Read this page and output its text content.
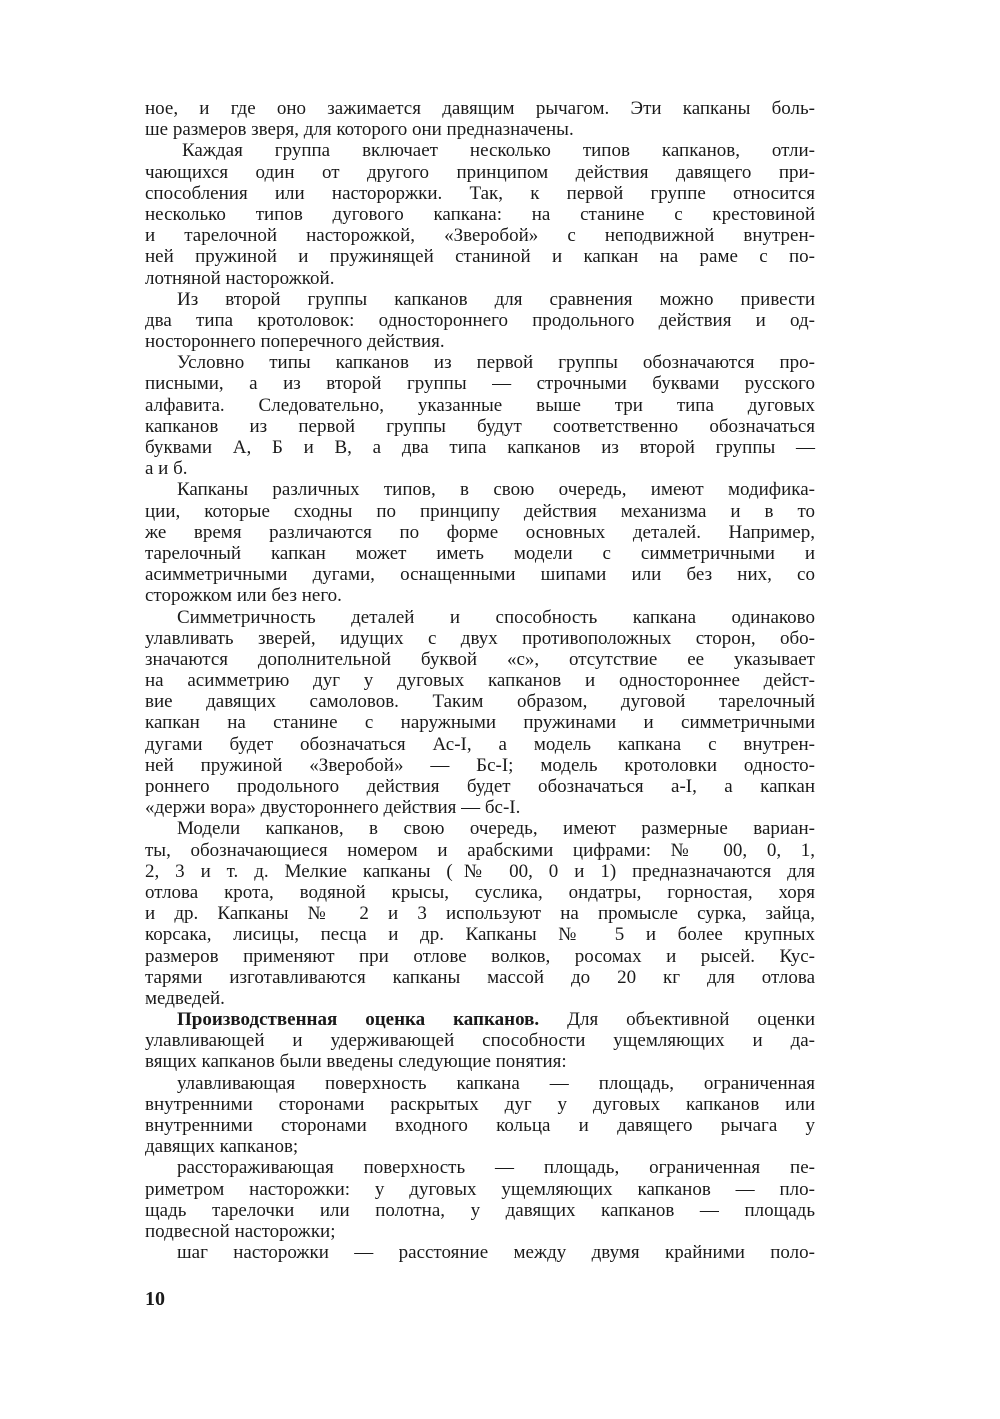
ное, и где оно зажимается давящим рычагом. Эти капканы боль-
ше размеров зверя, для которого они предназначены.
Каждая группа включает несколько типов капканов, отли-
чающихся один от другого принципом действия давящего при-
способления или настороржки. Так, к первой группе относится
несколько типов дугового капкана: на станине с крестовиной
и тарелочной насторожкой, «Зверобой» с неподвижной внутрен-
ней пружиной и пружинящей станиной и капкан на раме с по-
лотняной насторожкой.
Из второй группы капканов для сравнения можно привести
два типа кротоловок: одностороннего продольного действия и од-
ностороннего поперечного действия.
Условно типы капканов из первой группы обозначаются про-
писными, а из второй группы — строчными буквами русского
алфавита. Следовательно, указанные выше три типа дуговых
капканов из первой группы будут соответственно обозначаться
буквами А, Б и В, а два типа капканов из второй группы —
а и б.
Капканы различных типов, в свою очередь, имеют модифика-
ции, которые сходны по принципу действия механизма и в то
же время различаются по форме основных деталей. Например,
тарелочный капкан может иметь модели с симметричными и
асимметричными дугами, оснащенными шипами или без них, со
сторожком или без него.
Симметричность деталей и способность капкана одинаково
улавливать зверей, идущих с двух противоположных сторон, обо-
значаются дополнительной буквой «с», отсутствие ее указывает
на асимметрию дуг у дуговых капканов и одностороннее дейст-
вие давящих самоловов. Таким образом, дуговой тарелочный
капкан на станине с наружными пружинами и симметричными
дугами будет обозначаться Ас-I, а модель капкана с внутрен-
ней пружиной «Зверобой» — Бс-I; модель кротоловки односто-
роннего продольного действия будет обозначаться а-I, а капкан
«держи вора» двустороннего действия — бс-I.
Модели капканов, в свою очередь, имеют размерные вариан-
ты, обозначающиеся номером и арабскими цифрами: № 00, 0, 1,
2, 3 и т. д. Мелкие капканы (№ 00, 0 и 1) предназначаются для
отлова крота, водяной крысы, суслика, ондатры, горностая, хоря
и др. Капканы № 2 и 3 используют на промысле сурка, зайца,
корсака, лисицы, песца и др. Капканы № 5 и более крупных
размеров применяют при отлове волков, росомах и рысей. Кус-
тарями изготавливаются капканы массой до 20 кг для отлова
медведей.
Производственная оценка капканов. Для объективной оценки
улавливающей и удерживающей способности ущемляющих и да-
вящих капканов были введены следующие понятия:
улавливающая поверхность капкана — площадь, ограниченная
внутренними сторонами раскрытых дуг у дуговых капканов или
внутренними сторонами входного кольца и давящего рычага у
давящих капканов;
расстораживающая поверхность — площадь, ограниченная пе-
риметром насторожки: у дуговых ущемляющих капканов — пло-
щадь тарелочки или полотна, у давящих капканов — площадь
подвесной насторожки;
шаг насторожки — расстояние между двумя крайними поло-
10
